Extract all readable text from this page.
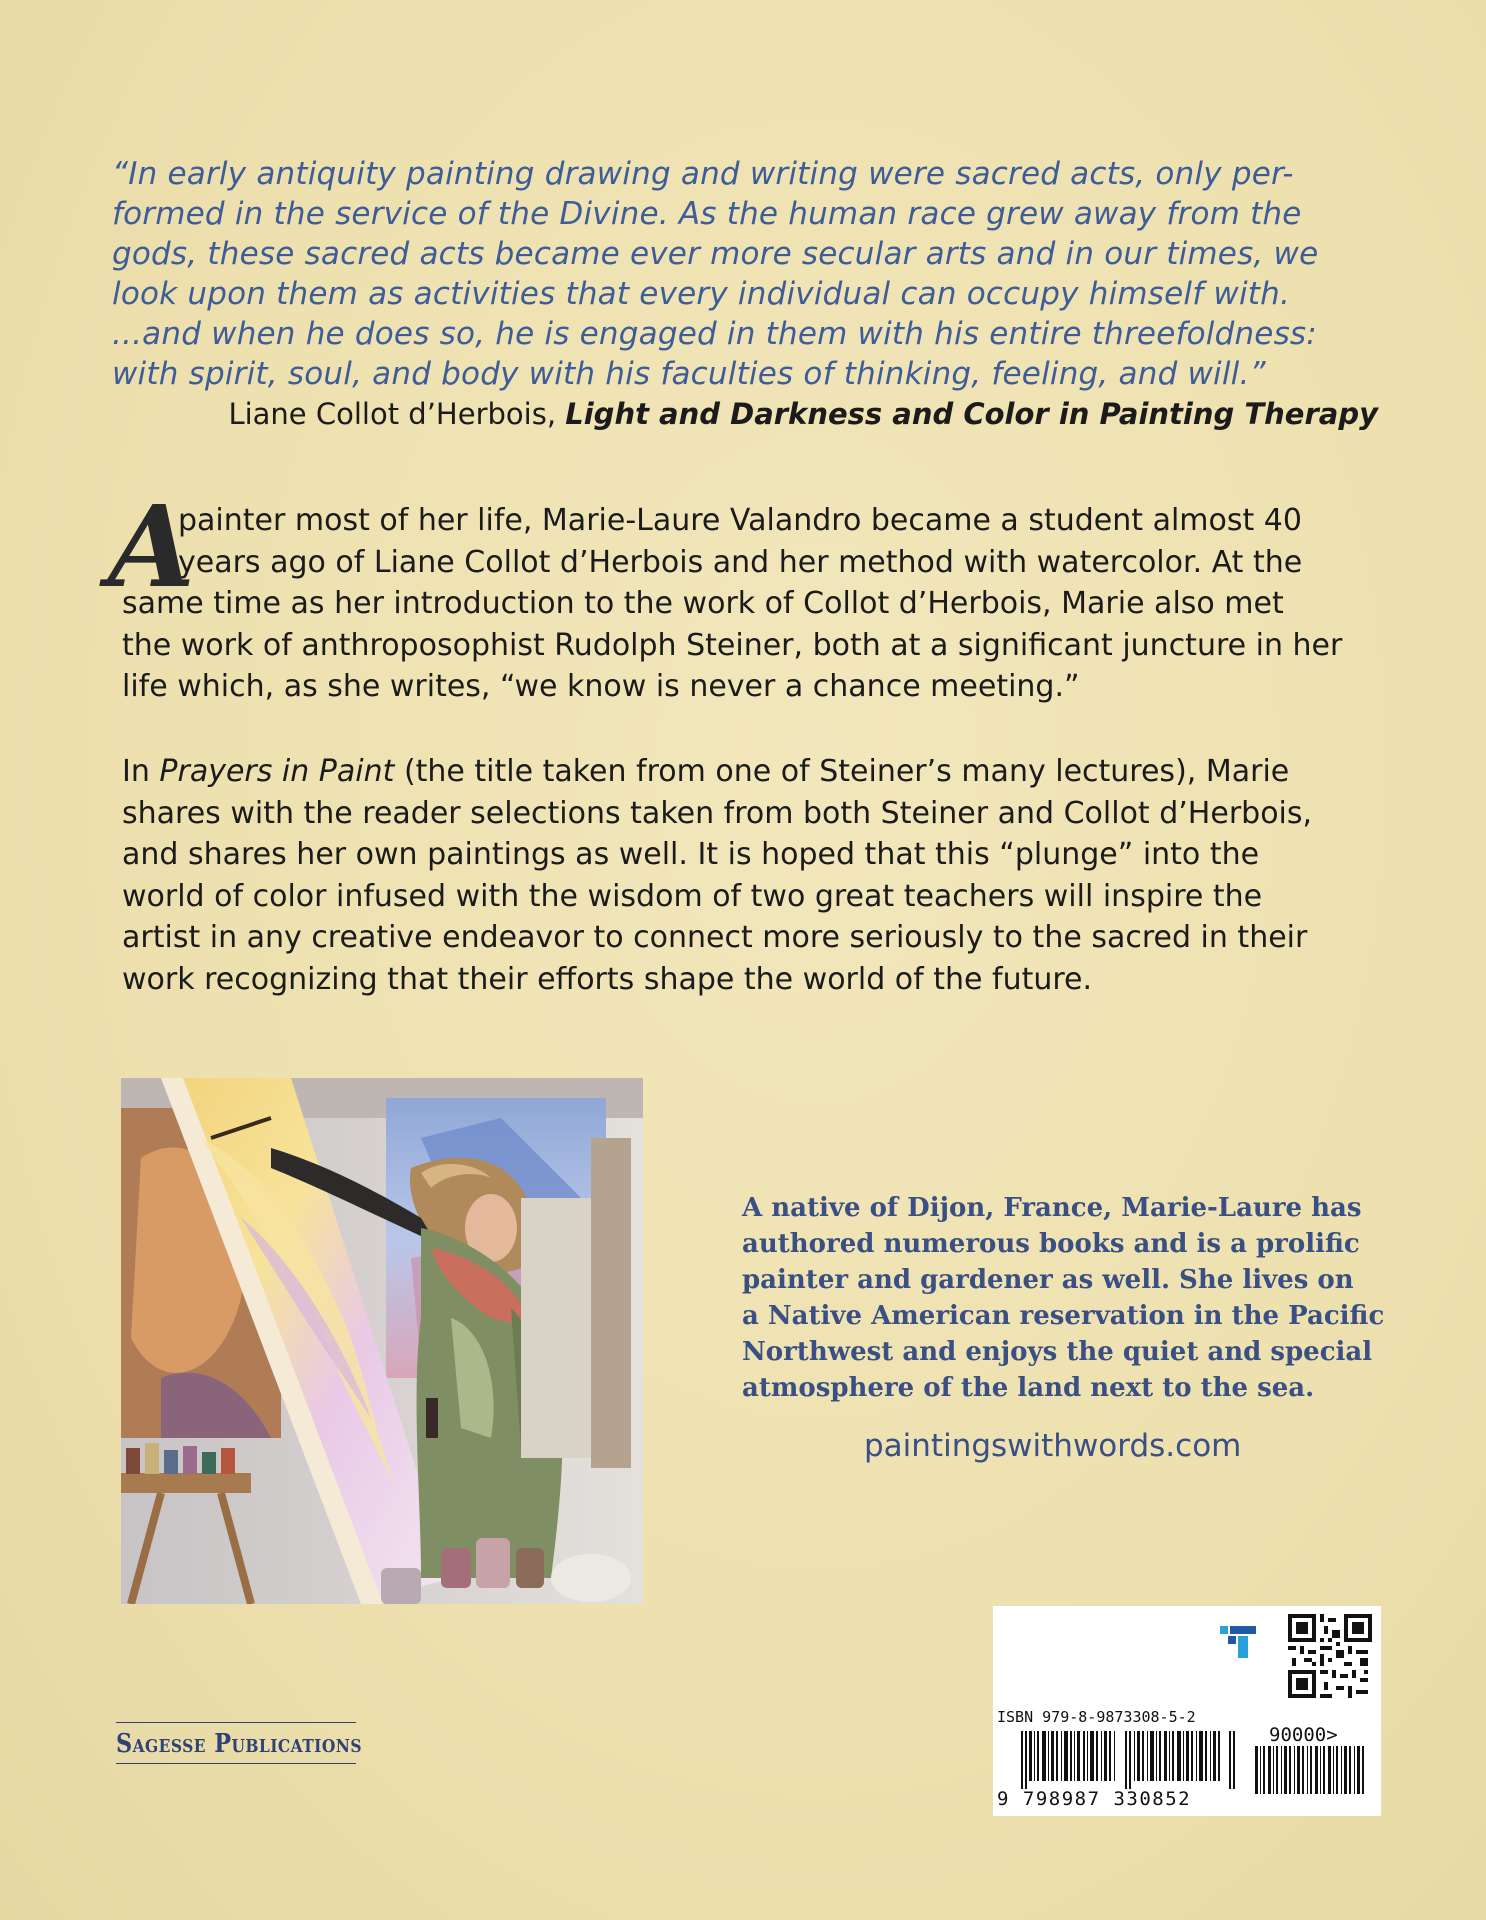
“In early antiquity painting drawing and writing were sacred acts, only per-
formed in the service of the Divine. As the human race grew away from the
gods, these sacred acts became ever more secular arts and in our times, we
look upon them as activities that every individual can occupy himself with.
...and when he does so, he is engaged in them with his entire threefoldness:
with spirit, soul, and body with his faculties of thinking, feeling, and will.”
Liane Collot d’Herbois, Light and Darkness and Color in Painting Therapy
A
painter most of her life, Marie-Laure Valandro became a student almost 40
years ago of Liane Collot d’Herbois and her method with watercolor. At the
same time as her introduction to the work of Collot d’Herbois, Marie also met
the work of anthroposophist Rudolph Steiner, both at a significant juncture in her
life which, as she writes, “we know is never a chance meeting.”
In Prayers in Paint (the title taken from one of Steiner’s many lectures), Marie
shares with the reader selections taken from both Steiner and Collot d’Herbois,
and shares her own paintings as well. It is hoped that this “plunge” into the
world of color infused with the wisdom of two great teachers will inspire the
artist in any creative endeavor to connect more seriously to the sacred in their
work recognizing that their efforts shape the world of the future.
A native of Dijon, France, Marie-Laure has
authored numerous books and is a prolific
painter and gardener as well. She lives on
a Native American reservation in the Pacific
Northwest and enjoys the quiet and special
atmosphere of the land next to the sea.
paintingswithwords.com
Sagesse Publications
ISBN 979-8-9873308-5-2
90000>
9 798987 330852
